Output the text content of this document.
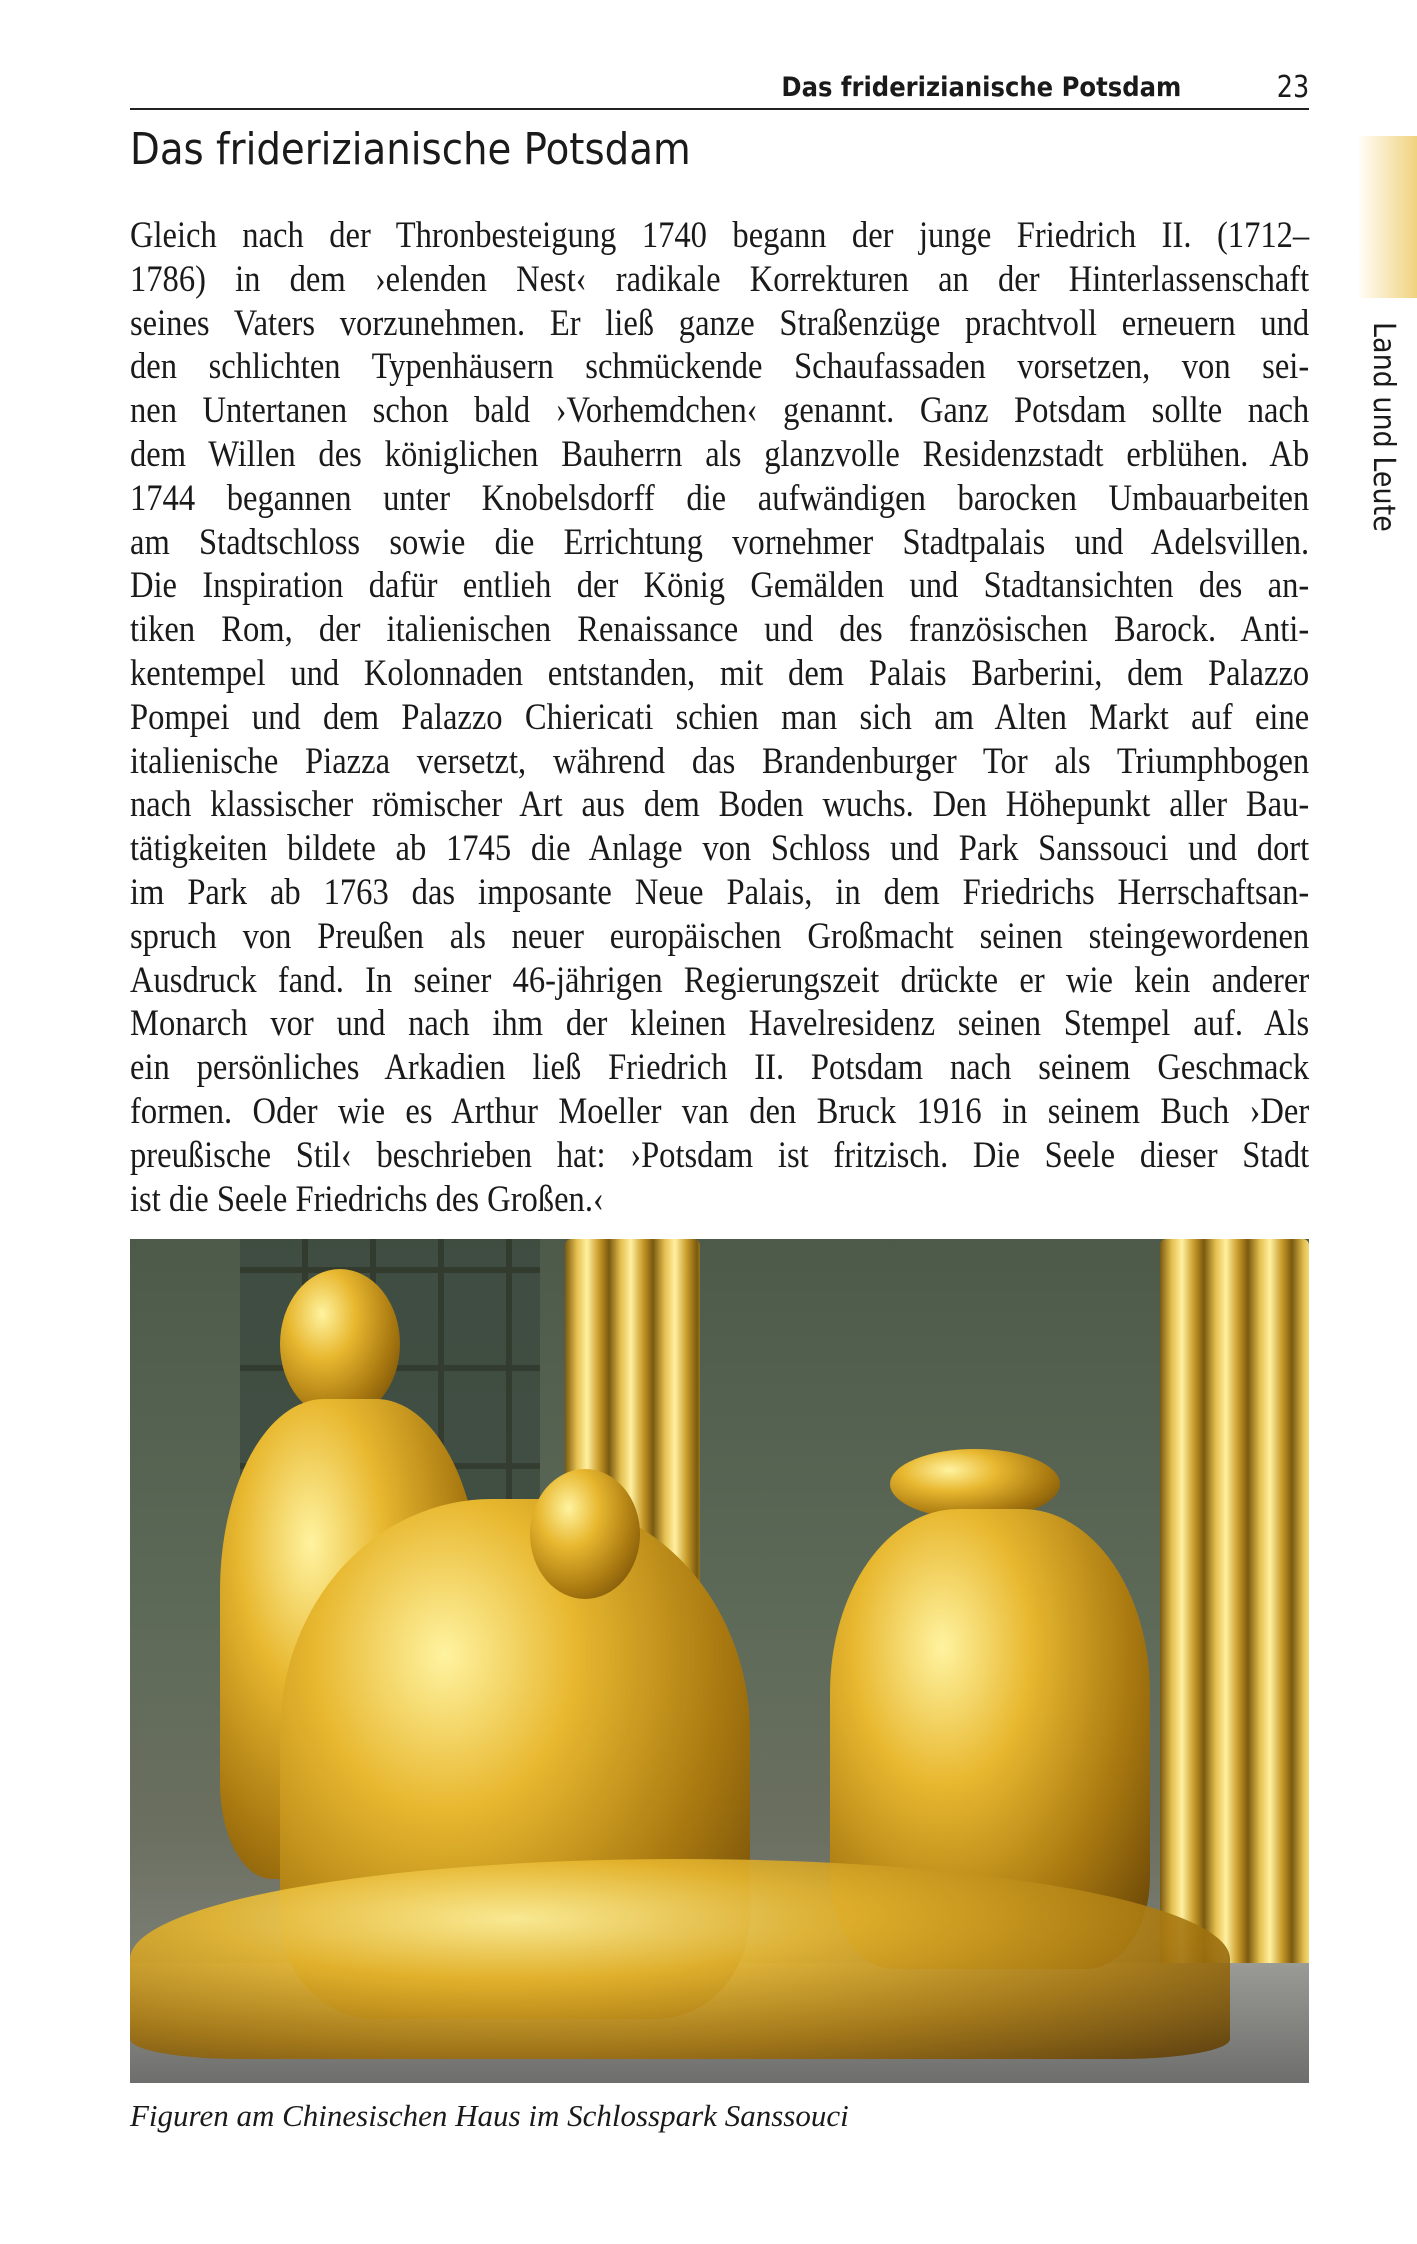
Das friderizianische Potsdam	23
Land und Leute
Das friderizianische Potsdam
Gleich nach der Thronbesteigung 1740 begann der junge Friedrich II. (1712–
1786) in dem ›elenden Nest‹ radikale Korrekturen an der Hinterlassenschaft
seines Vaters vorzunehmen. Er ließ ganze Straßenzüge prachtvoll erneuern und
den schlichten Typenhäusern schmückende Schaufassaden vorsetzen, von sei-
nen Untertanen schon bald ›Vorhemdchen‹ genannt. Ganz Potsdam sollte nach
dem Willen des königlichen Bauherrn als glanzvolle Residenzstadt erblühen. Ab
1744 begannen unter Knobelsdorff die aufwändigen barocken Umbauarbeiten
am Stadtschloss sowie die Errichtung vornehmer Stadtpalais und Adelsvillen.
Die Inspiration dafür entlieh der König Gemälden und Stadtansichten des an-
tiken Rom, der italienischen Renaissance und des französischen Barock. Anti-
kentempel und Kolonnaden entstanden, mit dem Palais Barberini, dem Palazzo
Pompei und dem Palazzo Chiericati schien man sich am Alten Markt auf eine
italienische Piazza versetzt, während das Brandenburger Tor als Triumphbogen
nach klassischer römischer Art aus dem Boden wuchs. Den Höhepunkt aller Bau-
tätigkeiten bildete ab 1745 die Anlage von Schloss und Park Sanssouci und dort
im Park ab 1763 das imposante Neue Palais, in dem Friedrichs Herrschaftsan-
spruch von Preußen als neuer europäischen Großmacht seinen steingewordenen
Ausdruck fand. In seiner 46-jährigen Regierungszeit drückte er wie kein anderer
Monarch vor und nach ihm der kleinen Havelresidenz seinen Stempel auf. Als
ein persönliches Arkadien ließ Friedrich II. Potsdam nach seinem Geschmack
formen. Oder wie es Arthur Moeller van den Bruck 1916 in seinem Buch ›Der
preußische Stil‹ beschrieben hat: ›Potsdam ist fritzisch. Die Seele dieser Stadt
ist die Seele Friedrichs des Großen.‹
Figuren am Chinesischen Haus im Schlosspark Sanssouci
